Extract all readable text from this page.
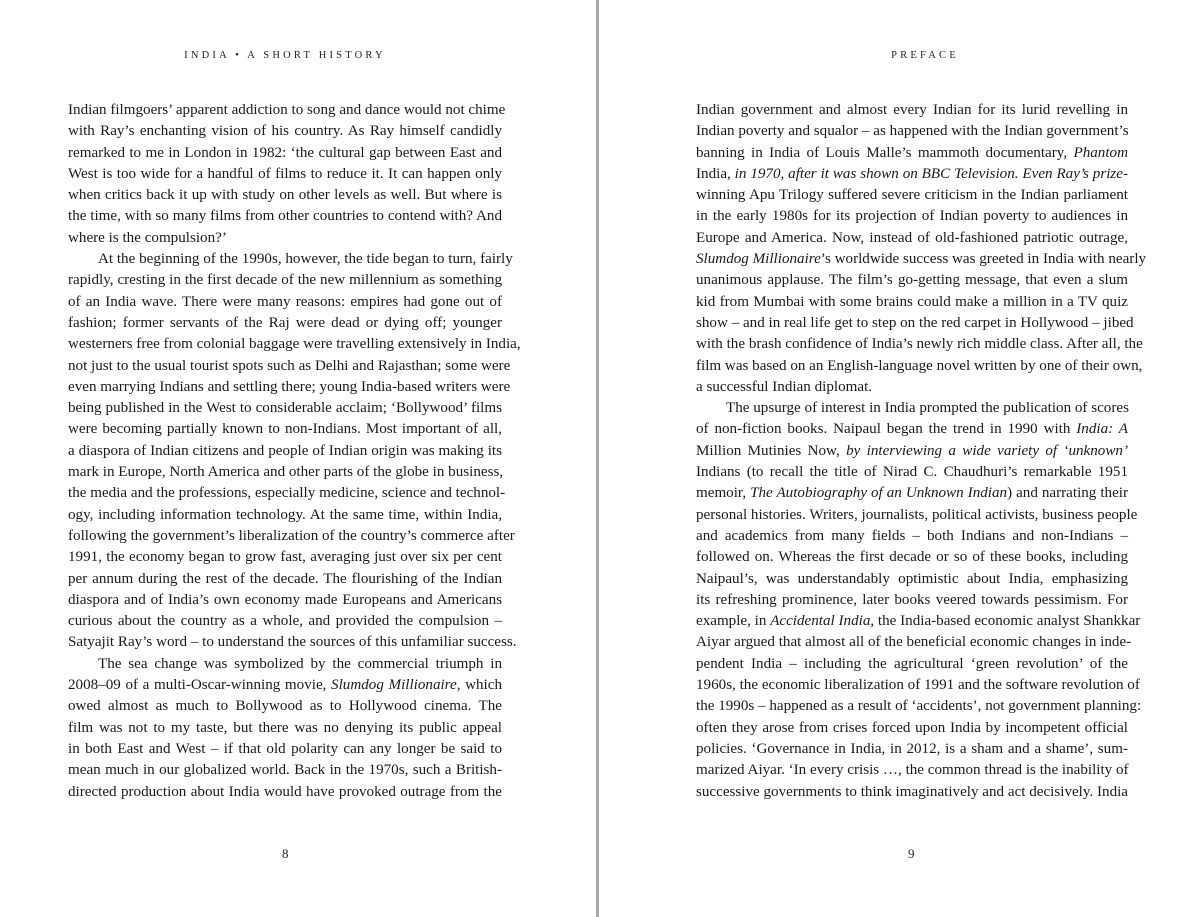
INDIA • A SHORT HISTORY
Indian filmgoers’ apparent addiction to song and dance would not chime
with Ray’s enchanting vision of his country. As Ray himself candidly
remarked to me in London in 1982: ‘the cultural gap between East and
West is too wide for a handful of films to reduce it. It can happen only
when critics back it up with study on other levels as well. But where is
the time, with so many films from other countries to contend with? And
where is the compulsion?’
At the beginning of the 1990s, however, the tide began to turn, fairly
rapidly, cresting in the first decade of the new millennium as something
of an India wave. There were many reasons: empires had gone out of
fashion; former servants of the Raj were dead or dying off; younger
westerners free from colonial baggage were travelling extensively in India,
not just to the usual tourist spots such as Delhi and Rajasthan; some were
even marrying Indians and settling there; young India-based writers were
being published in the West to considerable acclaim; ‘Bollywood’ films
were becoming partially known to non-Indians. Most important of all,
a diaspora of Indian citizens and people of Indian origin was making its
mark in Europe, North America and other parts of the globe in business,
the media and the professions, especially medicine, science and technol-
ogy, including information technology. At the same time, within India,
following the government’s liberalization of the country’s commerce after
1991, the economy began to grow fast, averaging just over six per cent
per annum during the rest of the decade. The flourishing of the Indian
diaspora and of India’s own economy made Europeans and Americans
curious about the country as a whole, and provided the compulsion –
Satyajit Ray’s word – to understand the sources of this unfamiliar success.
The sea change was symbolized by the commercial triumph in
2008–09 of a multi-Oscar-winning movie, Slumdog Millionaire, which
owed almost as much to Bollywood as to Hollywood cinema. The
film was not to my taste, but there was no denying its public appeal
in both East and West – if that old polarity can any longer be said to
mean much in our globalized world. Back in the 1970s, such a British-
directed production about India would have provoked outrage from the
8
PREFACE
Indian government and almost every Indian for its lurid revelling in
Indian poverty and squalor – as happened with the Indian government’s
banning in India of Louis Malle’s mammoth documentary, Phantom
India, in 1970, after it was shown on BBC Television. Even Ray’s prize-
winning Apu Trilogy suffered severe criticism in the Indian parliament
in the early 1980s for its projection of Indian poverty to audiences in
Europe and America. Now, instead of old-fashioned patriotic outrage,
Slumdog Millionaire’s worldwide success was greeted in India with nearly
unanimous applause. The film’s go-getting message, that even a slum
kid from Mumbai with some brains could make a million in a TV quiz
show – and in real life get to step on the red carpet in Hollywood – jibed
with the brash confidence of India’s newly rich middle class. After all, the
film was based on an English-language novel written by one of their own,
a successful Indian diplomat.
The upsurge of interest in India prompted the publication of scores
of non-fiction books. Naipaul began the trend in 1990 with India: A
Million Mutinies Now, by interviewing a wide variety of ‘unknown’
Indians (to recall the title of Nirad C. Chaudhuri’s remarkable 1951
memoir, The Autobiography of an Unknown Indian) and narrating their
personal histories. Writers, journalists, political activists, business people
and academics from many fields – both Indians and non-Indians –
followed on. Whereas the first decade or so of these books, including
Naipaul’s, was understandably optimistic about India, emphasizing
its refreshing prominence, later books veered towards pessimism. For
example, in Accidental India, the India-based economic analyst Shankkar
Aiyar argued that almost all of the beneficial economic changes in inde-
pendent India – including the agricultural ‘green revolution’ of the
1960s, the economic liberalization of 1991 and the software revolution of
the 1990s – happened as a result of ‘accidents’, not government planning:
often they arose from crises forced upon India by incompetent official
policies. ‘Governance in India, in 2012, is a sham and a shame’, sum-
marized Aiyar. ‘In every crisis …, the common thread is the inability of
successive governments to think imaginatively and act decisively. India
9
